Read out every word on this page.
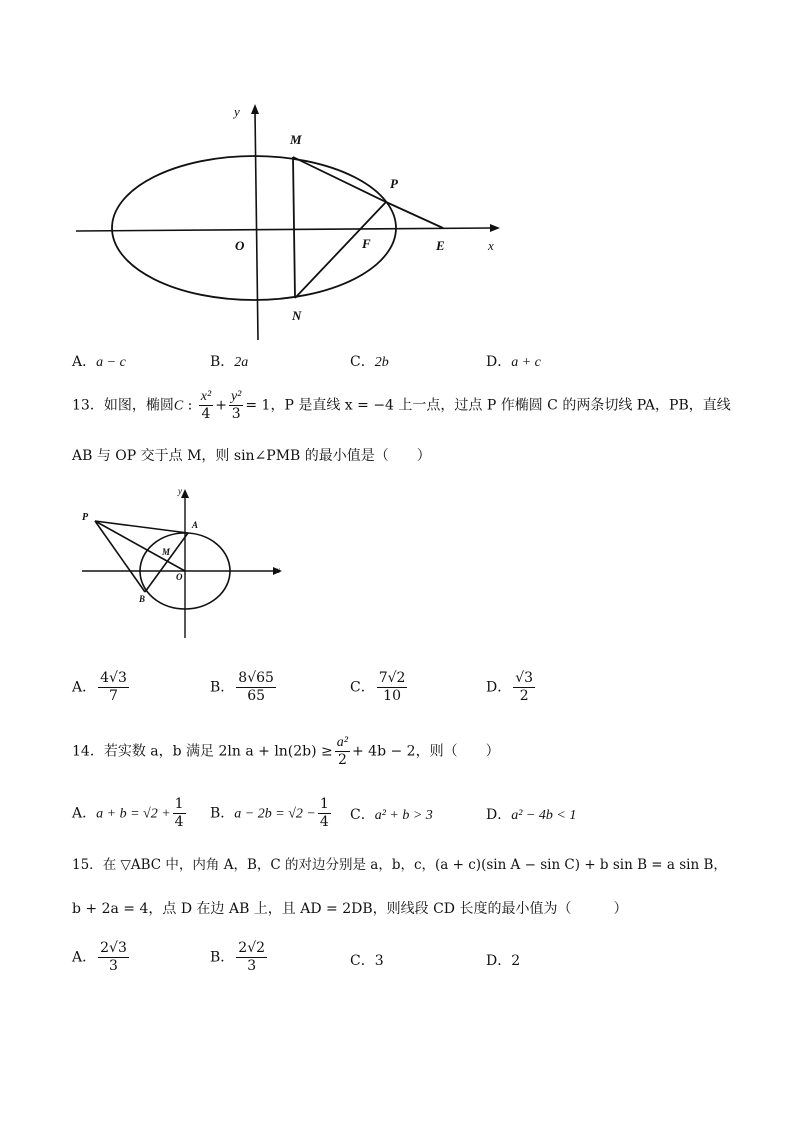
y
x
M
P
O	F	E
N
A．a − c	B．2a	C．2b	D．a + c
13．如图，椭圆C : $\frac{\text{x²}}{4} + \frac{\text{y²}}{3} = 1$，P 是直线 x = −4 上一点，过点 P 作椭圆 C 的两条切线 PA，PB，直线
AB 与 OP 交于点 M，则 sin∠PMB 的最小值是（　　）
P
A
M
O
B
y
x
A． $\frac{4√3}{7}$	B． $\frac{8√65}{65}$	C． $\frac{7√2}{10}$	D． $\frac{√3}{2}$
14．若实数 a，b 满足 2ln $a + \ln(2b) \ge \frac{\text{a²}}{2} + 4b - 2$，则（　　）
A．$a + b = √2 + \frac{1}{4}$ B．$a - 2b = √2 - \frac{1}{4}$ C．a² + b > 3	D．a² − 4b < 1
15．在 ▽ABC 中，内角 A，B，C 的对边分别是 a，b，c，(a + c)(sin A − sin C) + b sin B = a sin B，
b + 2a = 4，点 D 在边 AB 上，且 AD = 2DB，则线段 CD 长度的最小值为（　　　）
A． $\frac{2√3}{3}$	B． $\frac{2√2}{3}$	C．3	D．2
